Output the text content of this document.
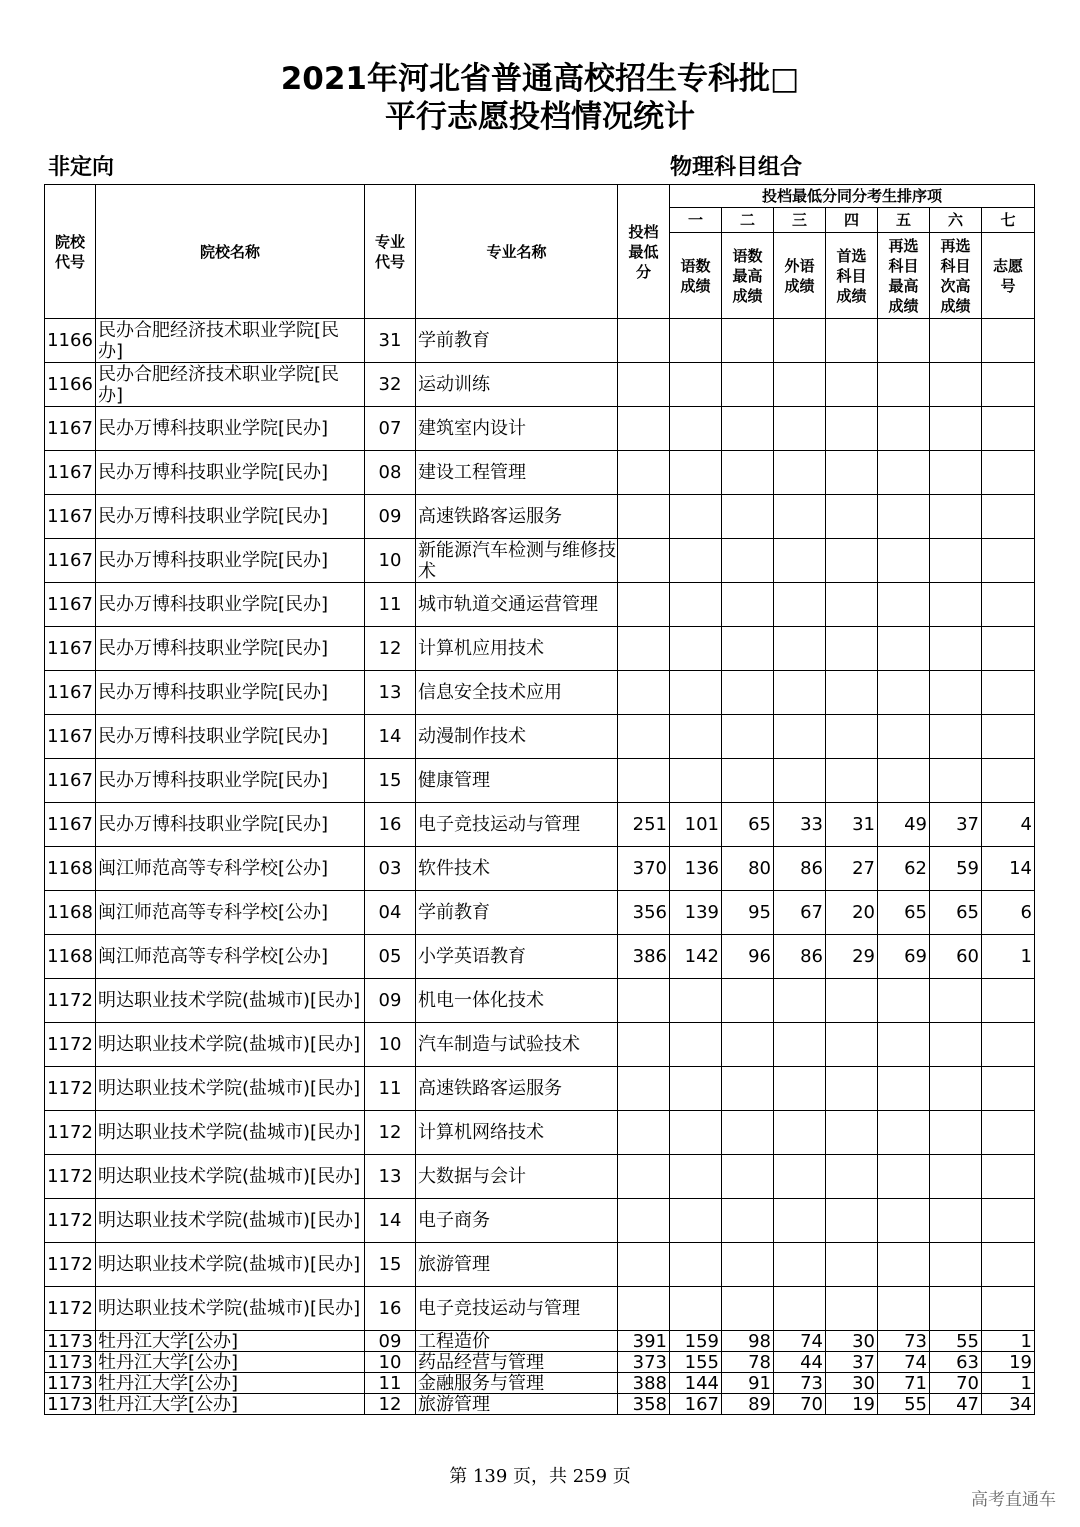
2021年河北省普通高校招生专科批□
平行志愿投档情况统计
非定向	物理科目组合
院校代号	院校名称	专业代号	专业名称	投档最低分	投档最低分同分考生排序项						
					一	二	三	四	五	六	七
					语数成绩	语数最高成绩	外语成绩	首选科目成绩	再选科目最高成绩	再选科目次高成绩	志愿号
1166	民办合肥经济技术职业学院[民办]	31	学前教育								
1166	民办合肥经济技术职业学院[民办]	32	运动训练								
1167	民办万博科技职业学院[民办]	07	建筑室内设计								
1167	民办万博科技职业学院[民办]	08	建设工程管理								
1167	民办万博科技职业学院[民办]	09	高速铁路客运服务								
1167	民办万博科技职业学院[民办]	10	新能源汽车检测与维修技术								
1167	民办万博科技职业学院[民办]	11	城市轨道交通运营管理								
1167	民办万博科技职业学院[民办]	12	计算机应用技术								
1167	民办万博科技职业学院[民办]	13	信息安全技术应用								
1167	民办万博科技职业学院[民办]	14	动漫制作技术								
1167	民办万博科技职业学院[民办]	15	健康管理								
1167	民办万博科技职业学院[民办]	16	电子竞技运动与管理	251	101	65	33	31	49	37	4
1168	闽江师范高等专科学校[公办]	03	软件技术	370	136	80	86	27	62	59	14
1168	闽江师范高等专科学校[公办]	04	学前教育	356	139	95	67	20	65	65	6
1168	闽江师范高等专科学校[公办]	05	小学英语教育	386	142	96	86	29	69	60	1
1172	明达职业技术学院(盐城市)[民办]	09	机电一体化技术								
1172	明达职业技术学院(盐城市)[民办]	10	汽车制造与试验技术								
1172	明达职业技术学院(盐城市)[民办]	11	高速铁路客运服务								
1172	明达职业技术学院(盐城市)[民办]	12	计算机网络技术								
1172	明达职业技术学院(盐城市)[民办]	13	大数据与会计								
1172	明达职业技术学院(盐城市)[民办]	14	电子商务								
1172	明达职业技术学院(盐城市)[民办]	15	旅游管理								
1172	明达职业技术学院(盐城市)[民办]	16	电子竞技运动与管理								
1173	牡丹江大学[公办]	09	工程造价	391	159	98	74	30	73	55	1
1173	牡丹江大学[公办]	10	药品经营与管理	373	155	78	44	37	74	63	19
1173	牡丹江大学[公办]	11	金融服务与管理	388	144	91	73	30	71	70	1
1173	牡丹江大学[公办]	12	旅游管理	358	167	89	70	19	55	47	34
第 139 页，共 259 页
高考直通车
